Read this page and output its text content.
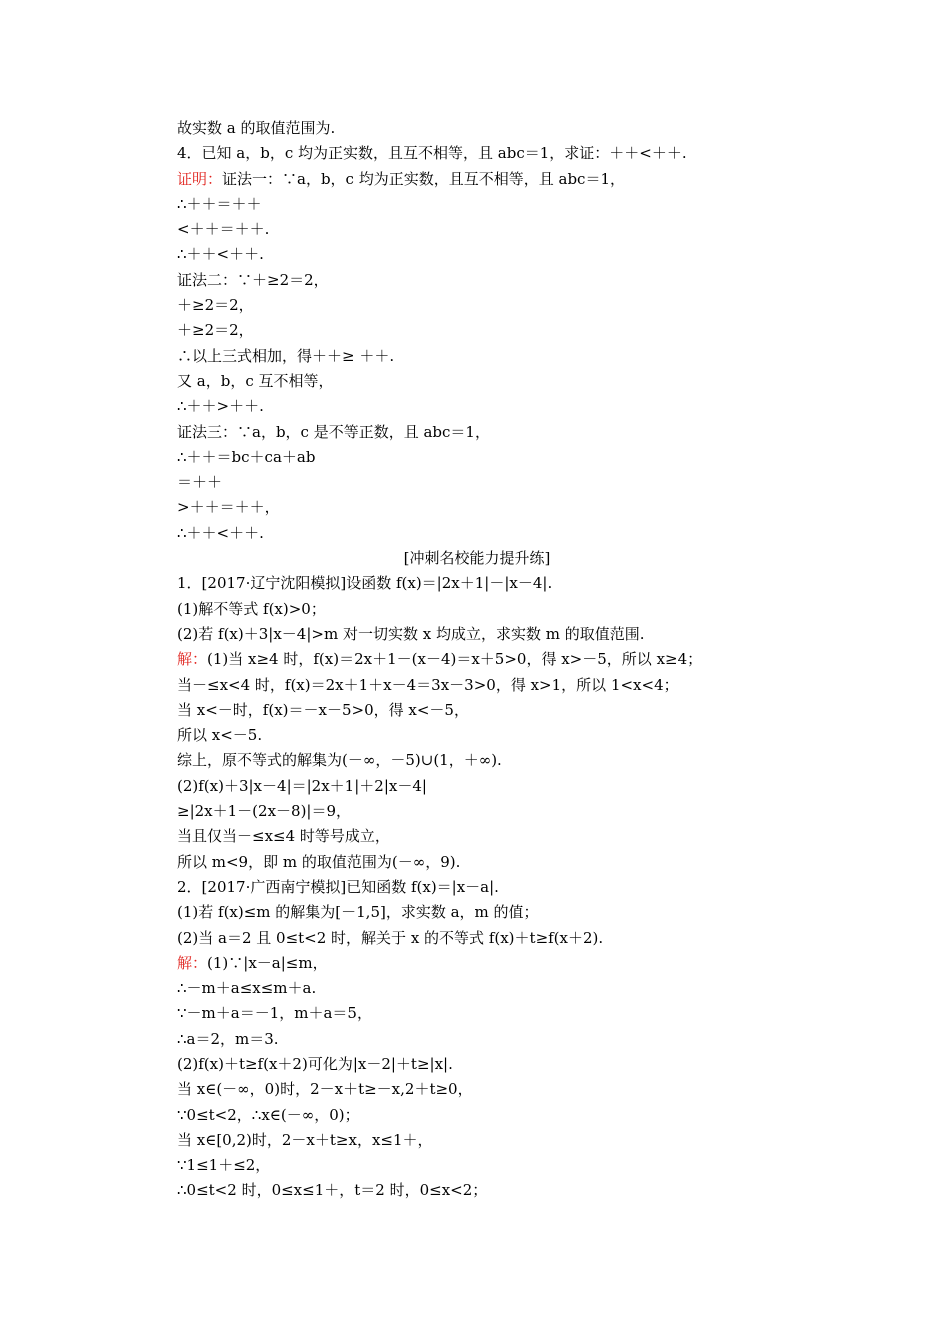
故实数 a 的取值范围为.

4．已知 a，b，c 均为正实数，且互不相等，且 abc＝1，求证：＋＋<＋＋.

证明：证法一：∵a，b，c 均为正实数，且互不相等，且 abc＝1，

∴＋＋＝＋＋

<＋＋＝＋＋.

∴＋＋<＋＋.

证法二：∵＋≥2＝2，

＋≥2＝2，

＋≥2＝2，

∴以上三式相加，得＋＋≥ ＋＋.

又 a，b，c 互不相等，

∴＋＋>＋＋.

证法三：∵a，b，c 是不等正数，且 abc＝1，

∴＋＋＝bc＋ca＋ab

＝＋＋

>＋＋＝＋＋，

∴＋＋<＋＋.

[冲刺名校能力提升练]

1．[2017·辽宁沈阳模拟]设函数 f(x)＝|2x＋1|－|x－4|.

(1)解不等式 f(x)>0；

(2)若 f(x)＋3|x－4|>m 对一切实数 x 均成立，求实数 m 的取值范围.

解：(1)当 x≥4 时，f(x)＝2x＋1－(x－4)＝x＋5>0，得 x>－5，所以 x≥4；

当－≤x<4 时，f(x)＝2x＋1＋x－4＝3x－3>0，得 x>1，所以 1<x<4；

当 x<－时，f(x)＝－x－5>0，得 x<－5，

所以 x<－5.

综上，原不等式的解集为(－∞，－5)∪(1，＋∞).

(2)f(x)＋3|x－4|＝|2x＋1|＋2|x－4|

≥|2x＋1－(2x－8)|＝9，

当且仅当－≤x≤4 时等号成立，

所以 m<9，即 m 的取值范围为(－∞，9).

2．[2017·广西南宁模拟]已知函数 f(x)＝|x－a|.

(1)若 f(x)≤m 的解集为[－1,5]，求实数 a，m 的值；

(2)当 a＝2 且 0≤t<2 时，解关于 x 的不等式 f(x)＋t≥f(x＋2).

解：(1)∵|x－a|≤m，

∴－m＋a≤x≤m＋a.

∵－m＋a＝－1，m＋a＝5，

∴a＝2，m＝3.

(2)f(x)＋t≥f(x＋2)可化为|x－2|＋t≥|x|.

当 x∈(－∞，0)时，2－x＋t≥－x,2＋t≥0，

∵0≤t<2，∴x∈(－∞，0)；

当 x∈[0,2)时，2－x＋t≥x，x≤1＋，

∵1≤1＋≤2，

∴0≤t<2 时，0≤x≤1＋，t＝2 时，0≤x<2；
